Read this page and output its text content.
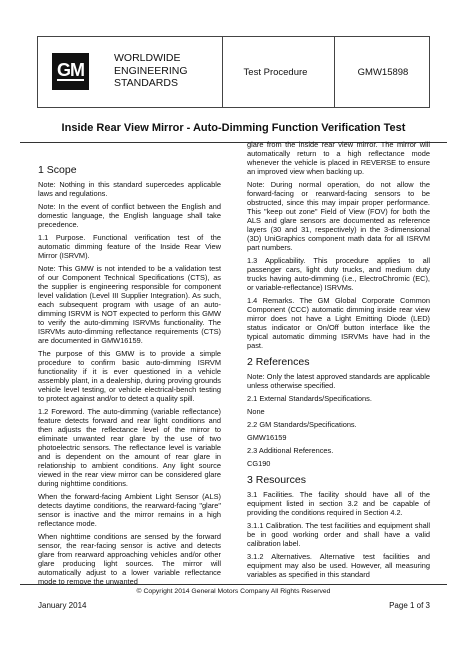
GM
WORLDWIDE
ENGINEERING
STANDARDS
Test Procedure	GMW15898
Inside Rear View Mirror - Auto-Dimming Function Verification Test
1 Scope

Note: Nothing in this standard supercedes applicable laws and regulations.

Note: In the event of conflict between the English and domestic language, the English language shall take precedence.

1.1 Purpose. Functional verification test of the automatic dimming feature of the Inside Rear View Mirror (ISRVM).

Note: This GMW is not intended to be a validation test of our Component Technical Specifications (CTS), as the supplier is engineering responsible for component level validation (Level III Supplier Integration). As such, each subsequent program with usage of an auto-dimming ISRVM is NOT expected to perform this GMW to verify the auto-dimming ISRVMs functionality. The ISRVMs auto-dimming reflectance requirements (CTS) are documented in GMW16159.

The purpose of this GMW is to provide a simple procedure to confirm basic auto-dimming ISRVM functionality if it is ever questioned in a vehicle assembly plant, in a dealership, during proving grounds vehicle level testing, or vehicle electrical-bench testing to protect against and/or to detect a quality spill.

1.2 Foreword. The auto-dimming (variable reflectance) feature detects forward and rear light conditions and then adjusts the reflectance level of the mirror to eliminate unwanted rear glare by the use of two photoelectric sensors. The reflectance level is variable and is dependent on the amount of rear glare in relationship to ambient conditions. Any light source viewed in the rear view mirror can be considered glare during nighttime conditions.

When the forward-facing Ambient Light Sensor (ALS) detects daytime conditions, the rearward-facing "glare" sensor is inactive and the mirror remains in a high reflectance mode.

When nighttime conditions are sensed by the forward sensor, the rear-facing sensor is active and detects glare from rearward approaching vehicles and/or other glare producing light sources. The mirror will automatically adjust to a lower variable reflectance mode to remove the unwanted

glare from the inside rear view mirror. The mirror will automatically return to a high reflectance mode whenever the vehicle is placed in REVERSE to ensure an improved view when backing up.

Note: During normal operation, do not allow the forward-facing or rearward-facing sensors to be obstructed, since this may impair proper performance. This "keep out zone" Field of View (FOV) for both the ALS and glare sensors are documented as reference layers (30 and 31, respectively) in the 3-dimensional (3D) UniGraphics component math data for all ISRVM part numbers.

1.3 Applicability. This procedure applies to all passenger cars, light duty trucks, and medium duty trucks having auto-dimming (i.e., ElectroChromic (EC), or variable-reflectance) ISRVMs.

1.4 Remarks. The GM Global Corporate Common Component (CCC) automatic dimming inside rear view mirror does not have a Light Emitting Diode (LED) status indicator or On/Off button interface like the typical automatic dimming ISRVMs have had in the past.

2 References

Note: Only the latest approved standards are applicable unless otherwise specified.

2.1 External Standards/Specifications.

None

2.2 GM Standards/Specifications.

GMW16159

2.3 Additional References.

CG190

3 Resources

3.1 Facilities. The facility should have all of the equipment listed in section 3.2 and be capable of providing the conditions required in Section 4.2.

3.1.1 Calibration. The test facilities and equipment shall be in good working order and shall have a valid calibration label.

3.1.2 Alternatives. Alternative test facilities and equipment may also be used. However, all measuring variables as specified in this standard

© Copyright 2014 General Motors Company All Rights Reserved
January 2014	Page 1 of 3
